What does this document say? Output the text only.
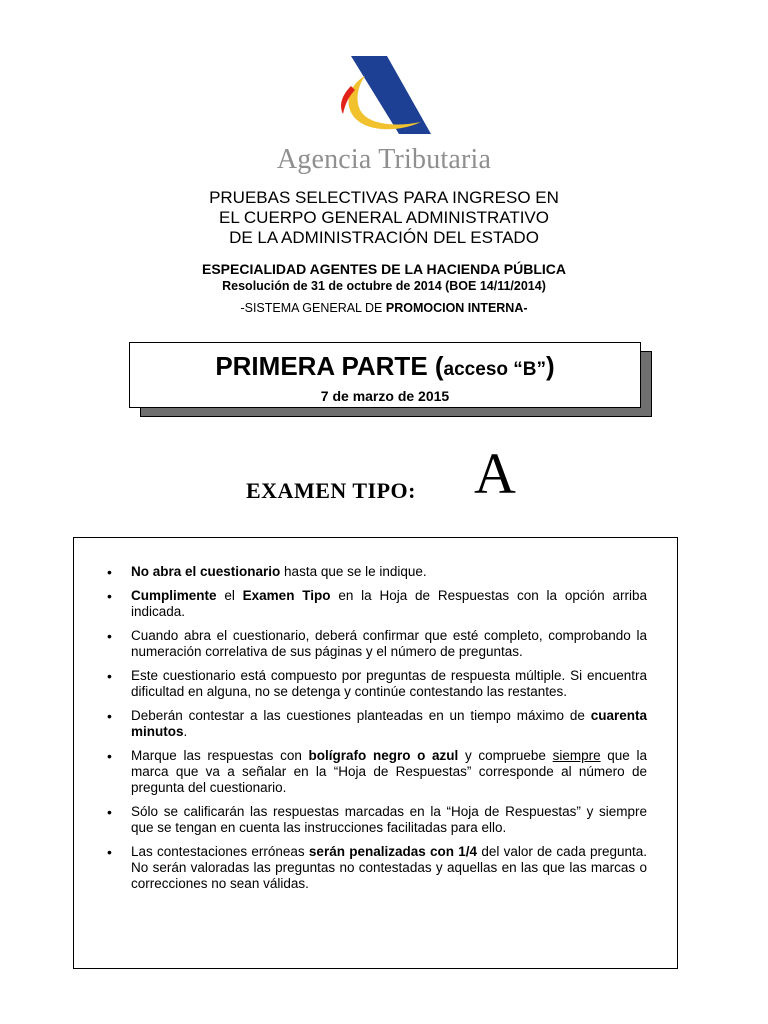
Agencia Tributaria
PRUEBAS SELECTIVAS PARA INGRESO EN
EL CUERPO GENERAL ADMINISTRATIVO
DE LA ADMINISTRACIÓN DEL ESTADO
ESPECIALIDAD AGENTES DE LA HACIENDA PÚBLICA
Resolución de 31 de octubre de 2014 (BOE 14/11/2014)
-SISTEMA GENERAL DE PROMOCION INTERNA-
PRIMERA PARTE (acceso “B”)
7 de marzo de 2015
EXAMEN TIPO: A
• No abra el cuestionario hasta que se le indique.
• Cumplimente el Examen Tipo en la Hoja de Respuestas con la opción arriba indicada.
• Cuando abra el cuestionario, deberá confirmar que esté completo, comprobando la numeración correlativa de sus páginas y el número de preguntas.
• Este cuestionario está compuesto por preguntas de respuesta múltiple. Si encuentra dificultad en alguna, no se detenga y continúe contestando las restantes.
• Deberán contestar a las cuestiones planteadas en un tiempo máximo de cuarenta minutos.
• Marque las respuestas con bolígrafo negro o azul y compruebe siempre que la marca que va a señalar en la “Hoja de Respuestas” corresponde al número de pregunta del cuestionario.
• Sólo se calificarán las respuestas marcadas en la “Hoja de Respuestas” y siempre que se tengan en cuenta las instrucciones facilitadas para ello.
• Las contestaciones erróneas serán penalizadas con 1/4 del valor de cada pregunta. No serán valoradas las preguntas no contestadas y aquellas en las que las marcas o correcciones no sean válidas.
